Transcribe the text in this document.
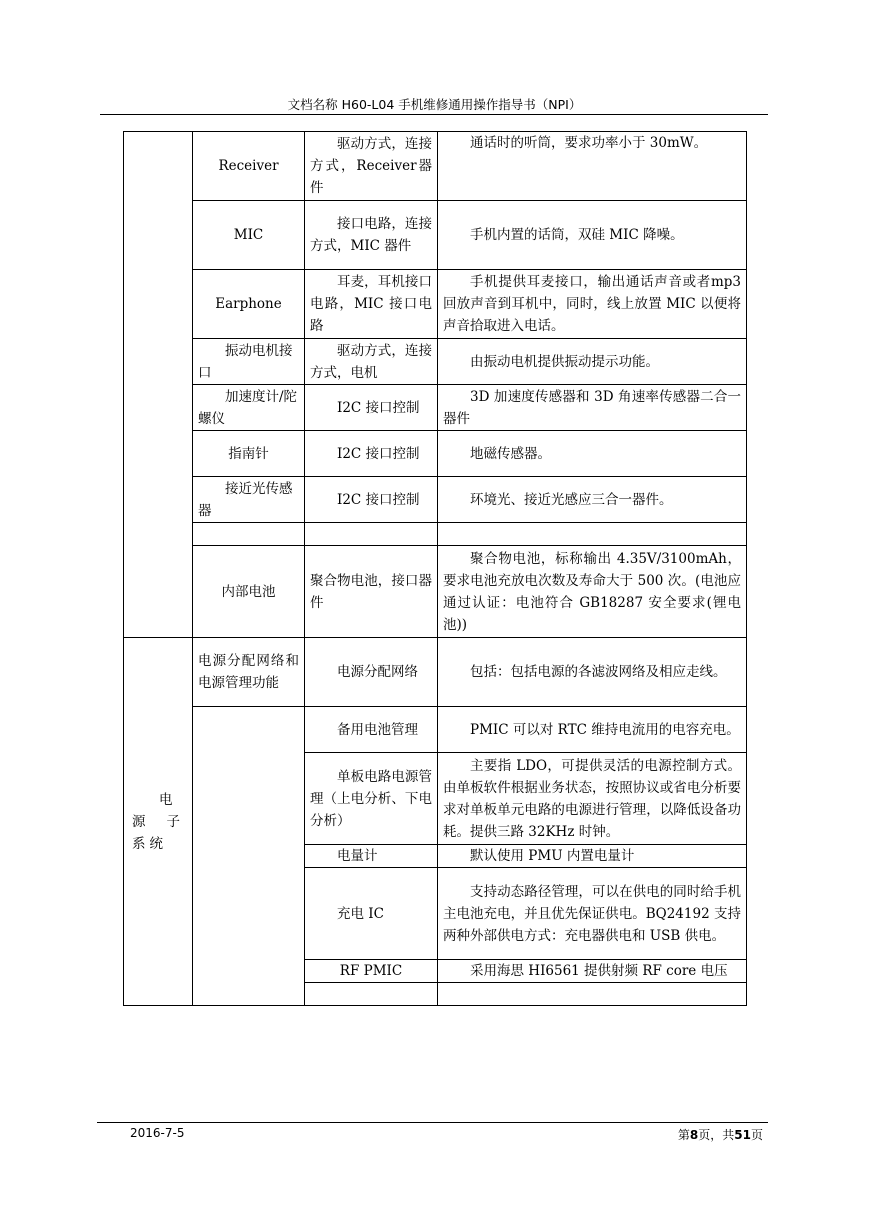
文档名称 H60-L04 手机维修通用操作指导书（NPI）
	Receiver	驱动方式，连接方式，Receiver器件	通话时的听筒，要求功率小于 30mW。
	MIC	接口电路，连接方式，MIC 器件	手机内置的话筒，双硅 MIC 降噪。
	Earphone	耳麦，耳机接口电路，MIC 接口电路	手机提供耳麦接口，输出通话声音或者mp3 回放声音到耳机中，同时，线上放置 MIC 以便将声音拾取进入电话。
	振动电机接口	驱动方式，连接方式，电机	由振动电机提供振动提示功能。
	加速度计/陀螺仪	I2C 接口控制	3D 加速度传感器和 3D 角速率传感器二合一器件
	指南针	I2C 接口控制	地磁传感器。
	接近光传感器	I2C 接口控制	环境光、接近光感应三合一器件。

	内部电池	聚合物电池，接口器件	聚合物电池，标称输出 4.35V/3100mAh，要求电池充放电次数及寿命大于 500 次。(电池应通过认证：电池符合 GB18287 安全要求(锂电池))

电源子系统	电源分配网络和电源管理功能	电源分配网络	包括：包括电源的各滤波网络及相应走线。
		备用电池管理	PMIC 可以对 RTC 维持电流用的电容充电。
		单板电路电源管理（上电分析、下电分析）	主要指 LDO，可提供灵活的电源控制方式。由单板软件根据业务状态，按照协议或省电分析要求对单板单元电路的电源进行管理，以降低设备功耗。提供三路 32KHz 时钟。
		电量计	默认使用 PMU 内置电量计
		充电 IC	支持动态路径管理，可以在供电的同时给手机主电池充电，并且优先保证供电。BQ24192 支持两种外部供电方式：充电器供电和 USB 供电。
		RF PMIC	采用海思 HI6561 提供射频 RF core 电压

2016-7-5	第8页，共51页
